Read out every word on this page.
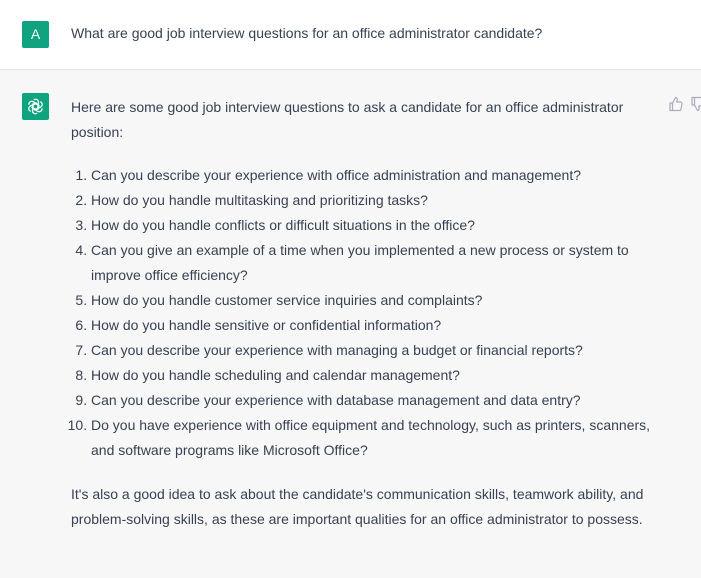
A	What are good job interview questions for an office administrator candidate?

Here are some good job interview questions to ask a candidate for an office administrator position:

1. Can you describe your experience with office administration and management?
2. How do you handle multitasking and prioritizing tasks?
3. How do you handle conflicts or difficult situations in the office?
4. Can you give an example of a time when you implemented a new process or system to improve office efficiency?
5. How do you handle customer service inquiries and complaints?
6. How do you handle sensitive or confidential information?
7. Can you describe your experience with managing a budget or financial reports?
8. How do you handle scheduling and calendar management?
9. Can you describe your experience with database management and data entry?
10. Do you have experience with office equipment and technology, such as printers, scanners, and software programs like Microsoft Office?

It's also a good idea to ask about the candidate's communication skills, teamwork ability, and problem-solving skills, as these are important qualities for an office administrator to possess.
